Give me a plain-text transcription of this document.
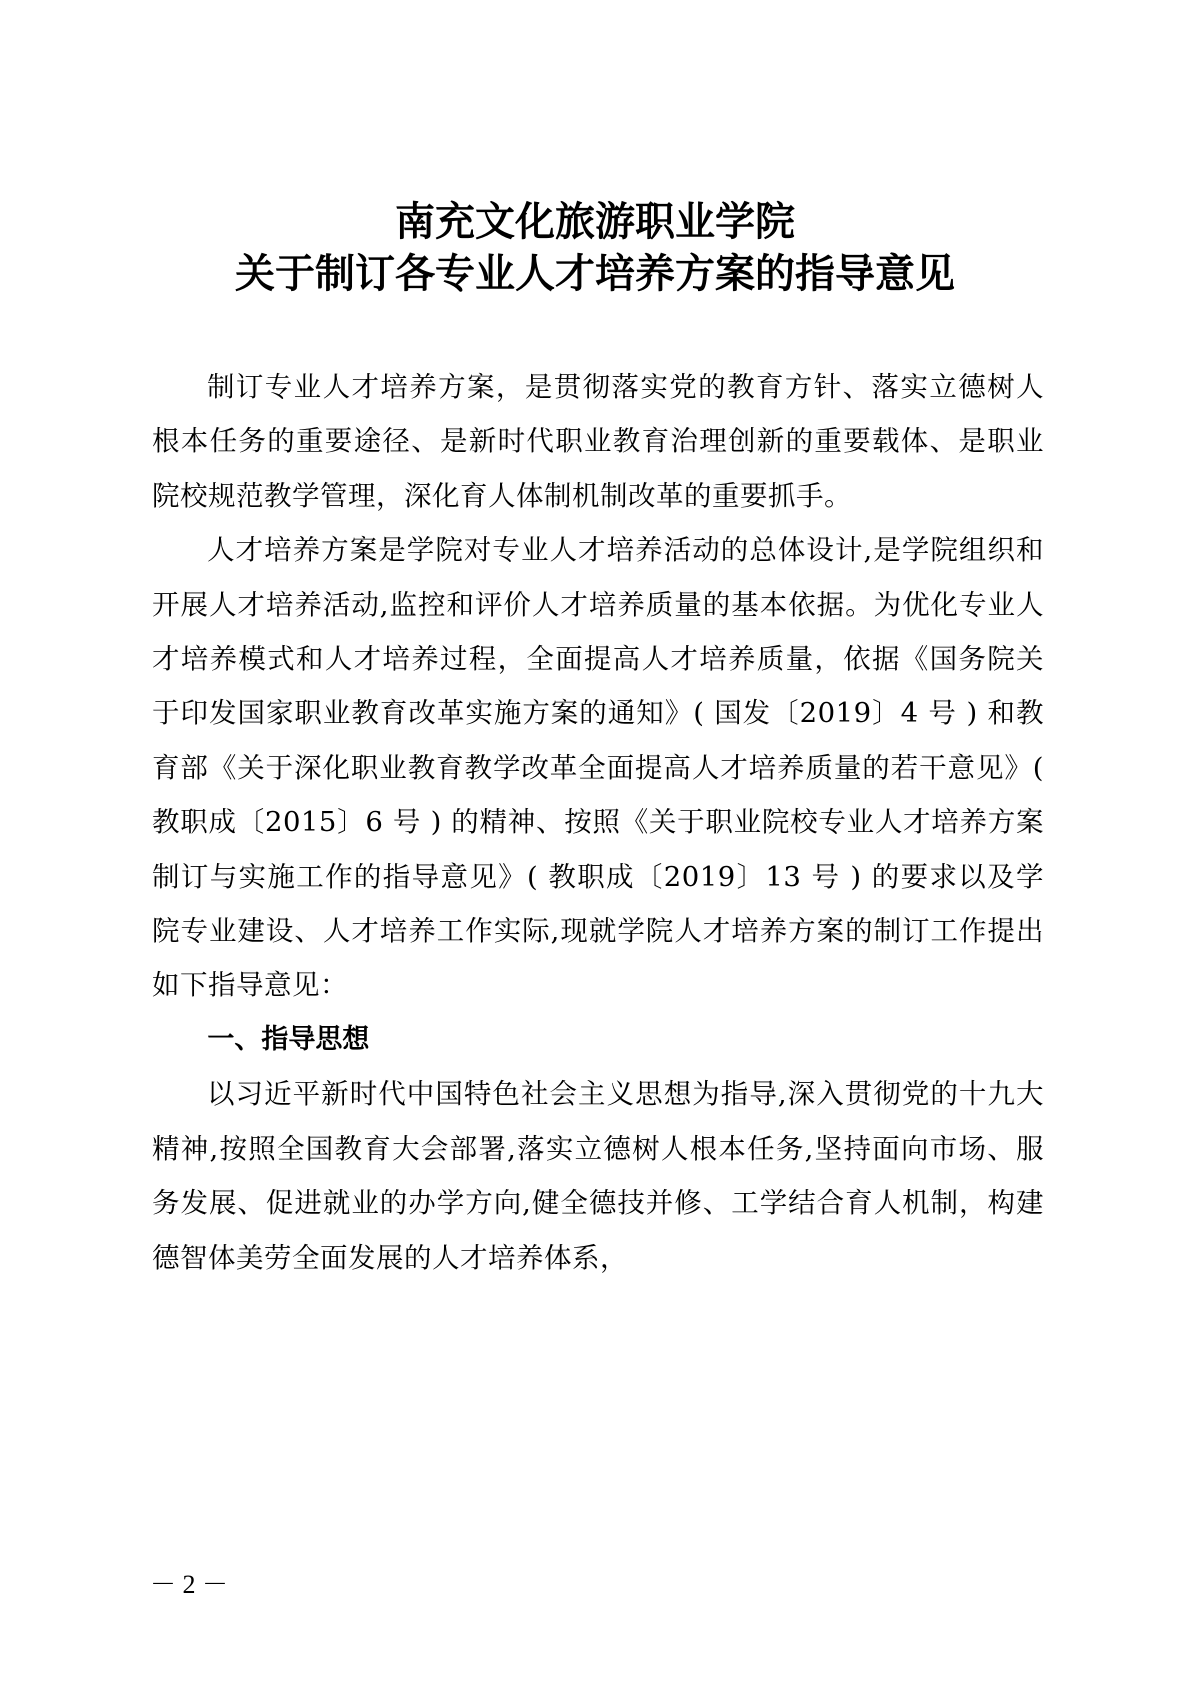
南充文化旅游职业学院

关于制订各专业人才培养方案的指导意见

制订专业人才培养方案，是贯彻落实党的教育方针、落实立德树人根本任务的重要途径、是新时代职业教育治理创新的重要载体、是职业院校规范教学管理，深化育人体制机制改革的重要抓手。

人才培养方案是学院对专业人才培养活动的总体设计,是学院组织和开展人才培养活动,监控和评价人才培养质量的基本依据。为优化专业人才培养模式和人才培养过程，全面提高人才培养质量，依据《国务院关于印发国家职业教育改革实施方案的通知》( 国发〔2019〕4 号 ) 和教育部《关于深化职业教育教学改革全面提高人才培养质量的若干意见》( 教职成〔2015〕6 号 ) 的精神、按照《关于职业院校专业人才培养方案制订与实施工作的指导意见》( 教职成〔2019〕13 号 ) 的要求以及学院专业建设、人才培养工作实际,现就学院人才培养方案的制订工作提出如下指导意见：

一、指导思想

以习近平新时代中国特色社会主义思想为指导,深入贯彻党的十九大精神,按照全国教育大会部署,落实立德树人根本任务,坚持面向市场、服务发展、促进就业的办学方向,健全德技并修、工学结合育人机制，构建德智体美劳全面发展的人才培养体系，

－ 2 －
